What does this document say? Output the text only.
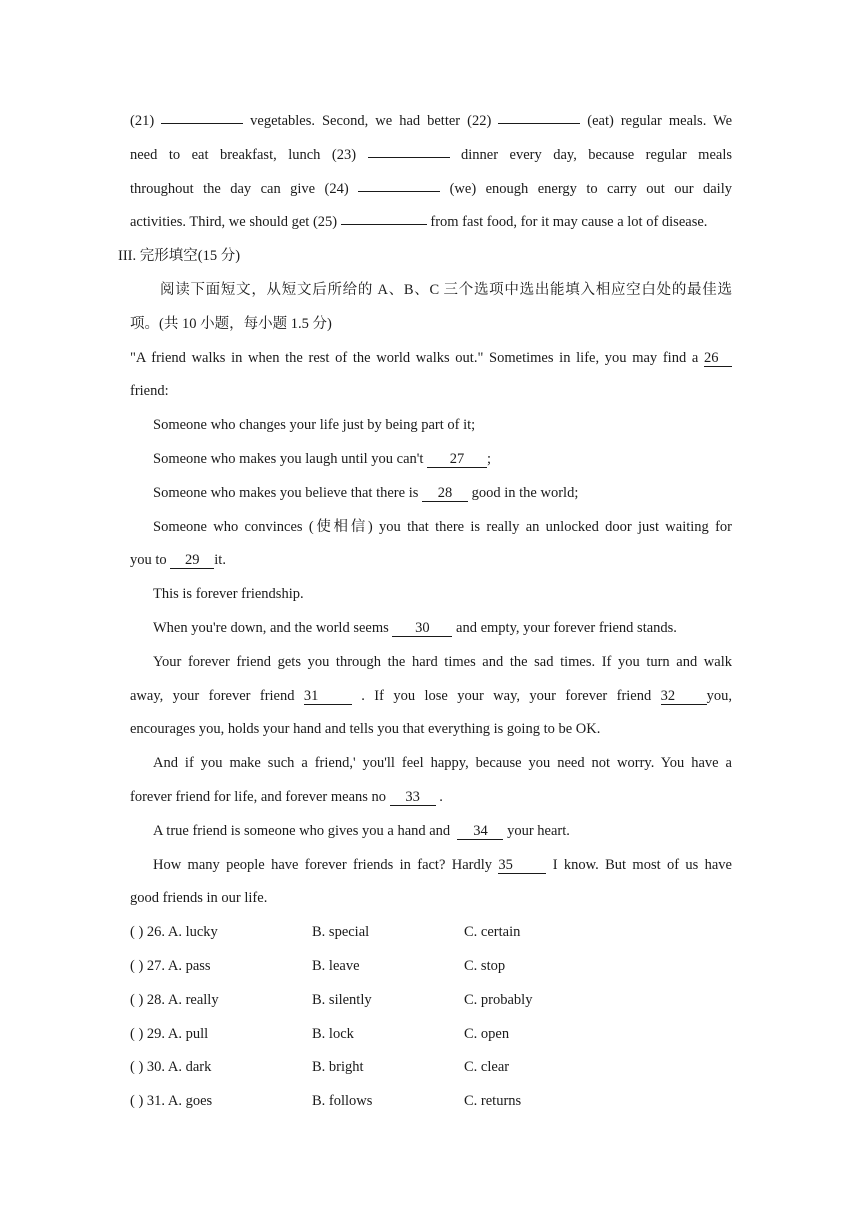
(21)	vegetables. Second, we had better (22)	(eat) regular meals. We
need to eat breakfast, lunch (23)	dinner every day, because regular meals
throughout the day can give (24)	(we) enough energy to carry out our daily
activities. Third, we should get (25)	from fast food, for it may cause a lot of disease.
III. 完形填空(15 分)
阅读下面短文，从短文后所给的 A、B、C 三个选项中选出能填入相应空白处的最佳选
项。(共 10 小题，每小题 1.5 分)
"A friend walks in when the rest of the world walks out." Sometimes in life, you may find a 26
friend:
Someone who changes your life just by being part of it;
Someone who makes you laugh until you can't 27 ;
Someone who makes you believe that there is 28 good in the world;
Someone who convinces (使相信) you that there is really an unlocked door just waiting for
you to 29 it.
This is forever friendship.
When you're down, and the world seems 30 and empty, your forever friend stands.
Your forever friend gets you through the hard times and the sad times. If you turn and walk
away, your forever friend 31	. If you lose your way, your forever friend 32 you,
encourages you, holds your hand and tells you that everything is going to be OK.
And if you make such a friend,' you'll feel happy, because you need not worry. You have a
forever friend for life, and forever means no 33 .
A true friend is someone who gives you a hand and 34 your heart.
How many people have forever friends in fact? Hardly 35	I know. But most of us have
good friends in our life.
( ) 26. A. lucky	B. special	C. certain
( ) 27. A. pass	B. leave	C. stop
( ) 28. A. really	B. silently	C. probably
( ) 29. A. pull	B. lock	C. open
( ) 30. A. dark	B. bright	C. clear
( ) 31. A. goes	B. follows	C. returns
